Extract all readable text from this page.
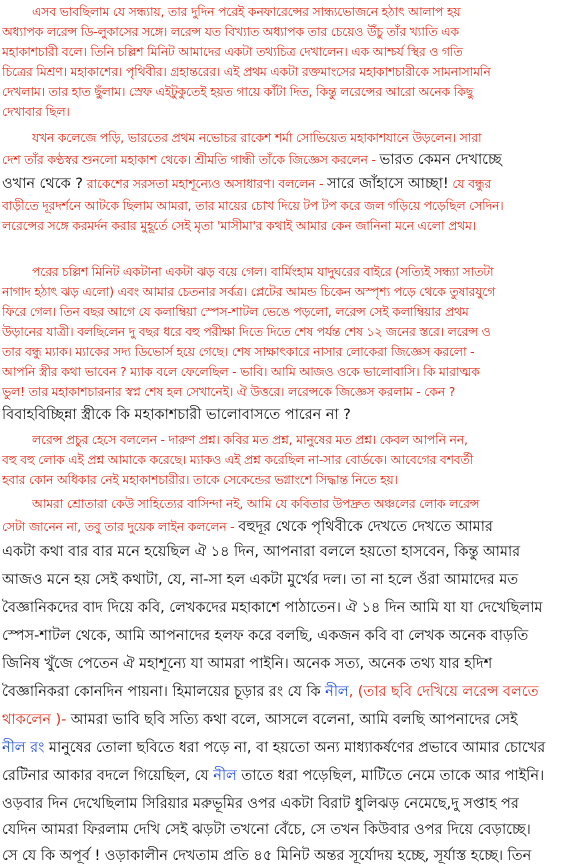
এসব ভাবছিলাম যে সন্ধ্যায়, তার দুদিন পরেই কনফারেন্সের সান্ধ্যভোজনে হঠাৎ আলাপ হয়
অধ্যাপক লরেন্স ডি-লুকাসের সঙ্গে। লরেন্স যত বিখ্যাত অধ্যাপক তার চেয়েও উঁচু তাঁর খ্যাতি এক
মহাকাশচারী বলে। তিনি চল্লিশ মিনিট আমাদের একটা তথ্যচিত্র দেখালেন। এক আশ্চর্য স্থির ও গতি
চিত্রের মিশ্রণ। মহাকাশের। পৃথিবীর। গ্রহান্তরের। এই প্রথম একটা রক্তমাংসের মহাকাশচারীকে সামনাসামনি
দেখলাম। তার হাত ছুঁলাম। স্রেফ এইটুকুতেই হয়ত গায়ে কাঁটা দিত, কিন্তু লরেন্সের আরো অনেক কিছু
দেখাবার ছিল।
যখন কলেজে পড়ি, ভারতের প্রথম নভোচর রাকেশ শর্মা সোভিয়েত মহাকাশযানে উড়লেন। সারা
দেশ তাঁর কণ্ঠস্বর শুনলো মহাকাশ থেকে। শ্রীমতি গান্ধী তাঁকে জিজ্ঞেস করলেন - ভারত কেমন দেখাচ্ছে
ওখান থেকে ? রাকেশের সরসতা মহাশূন্যেও অসাধারণ। বললেন - সারে জাঁহাসে আচ্ছা! যে বন্ধুর
বাড়ীতে দূরদর্শনে আটকে ছিলাম আমরা, তার মায়ের চোখ দিয়ে টপ টপ করে জল গড়িয়ে পড়েছিল সেদিন।
লরেন্সের সঙ্গে করমর্দন করার মুহূর্তে সেই মৃতা 'মাসীমা'র কথাই আমার কেন জানিনা মনে এলো প্রথম।
পরের চল্লিশ মিনিট একটানা একটা ঝড় বয়ে গেল। বার্মিংহাম যাদুঘরের বাইরে (সত্যিই সন্ধ্যা সাতটা
নাগাদ হঠাৎ ঝড় এলো) এবং আমার চেতনার সর্বত্র। প্লেটের আমন্ড চিকেন অস্পৃশ্য পড়ে থেকে তুষারযুগে
ফিরে গেল। তিন বছর আগে যে কলাম্বিয়া স্পেস-শাটল ভেঙে পড়লো, লরেন্স সেই কলাম্বিয়ার প্রথম
উড়ানের যাত্রী। বলছিলেন দু বছর ধরে বহু পরীক্ষা দিতে দিতে শেষ পর্যন্ত শেষ ১২ জনের স্তরে। লরেন্স ও
তার বন্ধু ম্যাক। ম্যাকের সদ্য ডিভোর্স হয়ে গেছে। শেষ সাক্ষাৎকারে নাসার লোকেরা জিজ্ঞেস করলো -
আপনি স্ত্রীর কথা ভাবেন ? ম্যাক বলে ফেলেছিল - ভাবি। আমি আজও ওকে ভালোবাসি। কি মারাত্মক
ভুল! তার মহাকাশচারনার স্বপ্ন শেষ হল সেখানেই। ঐ উত্তরে। লরেন্সকে জিজ্ঞেস করলাম - কেন ?
বিবাহবিচ্ছিন্না স্ত্রীকে কি মহাকাশচারী ভালোবাসতে পারেন না ?
লরেন্স প্রচুর হেসে বললেন - দারুণ প্রশ্ন। কবির মত প্রশ্ন, মানুষের মত প্রশ্ন। কেবল আপনি নন,
বহু বহু লোক এই প্রশ্ন আমাকে করেছে। ম্যাকও এই প্রশ্ন করেছিল না-সার বোর্ডকে। আবেগের বশবর্তী
হবার কোন অধিকার নেই মহাকাশচারীর। তাকে সেকেন্ডের ভগ্নাংশে সিদ্ধান্ত নিতে হয়।
আমরা শ্রোতারা কেউ সাহিত্যের বাসিন্দা নই, আমি যে কবিতার উপদ্রুত অঞ্চলের লোক লরেন্স
সেটা জানেন না, তবু তার দুয়েক লাইন কললেন - বহুদূর থেকে পৃথিবীকে দেখতে দেখতে আমার
একটা কথা বার বার মনে হয়েছিল ঐ ১৪ দিন, আপনারা বললে হয়তো হাসবেন, কিন্তু আমার
আজও মনে হয় সেই কথাটা, যে, না-সা হল একটা মুর্খের দল। তা না হলে ওঁরা আমাদের মত
বৈজ্ঞানিকদের বাদ দিয়ে কবি, লেখকদের মহাকাশে পাঠাতেন। ঐ ১৪ দিন আমি যা যা দেখেছিলাম
স্পেস-শাটল থেকে, আমি আপনাদের হলফ করে বলছি, একজন কবি বা লেখক অনেক বাড়তি
জিনিষ খুঁজে পেতেন ঐ মহাশূন্যে যা আমরা পাইনি। অনেক সত্য, অনেক তথ্য যার হদিশ
বৈজ্ঞানিকরা কোনদিন পায়না। হিমালয়ের চূড়ার রং যে কি নীল, (তার ছবি দেখিয়ে লরেন্স বলতে
থাকলেন )- আমরা ভাবি ছবি সত্যি কথা বলে, আসলে বলেনা, আমি বলছি আপনাদের সেই
নীল রং মানুষের তোলা ছবিতে ধরা পড়ে না, বা হয়তো অন্য মাধ্যাকর্ষণের প্রভাবে আমার চোখের
রেটিনার আকার বদলে গিয়েছিল, যে নীল তাতে ধরা পড়েছিল, মাটিতে নেমে তাকে আর পাইনি।
ওড়বার দিন দেখেছিলাম সিরিয়ার মরুভূমির ওপর একটা বিরাট ধুলিঝড় নেমেছে,দু সপ্তাহ পর
যেদিন আমরা ফিরলাম দেখি সেই ঝড়টা তখনো বেঁচে, সে তখন কিউবার ওপর দিয়ে বেড়াচ্ছে।
সে যে কি অপূর্ব ! ওড়াকালীন দেখতাম প্রতি ৪৫ মিনিট অন্তর সূর্যোদয় হচ্ছে, সূর্যাস্ত হচ্ছে। তিন
